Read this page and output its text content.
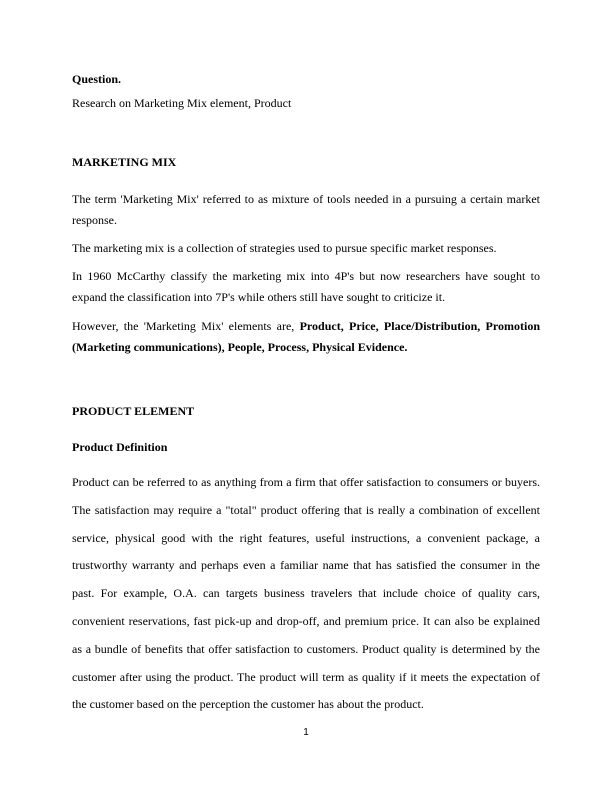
Question.

Research on Marketing Mix element, Product

MARKETING MIX

The term 'Marketing Mix' referred to as mixture of tools needed in a pursuing a certain market response.

The marketing mix is a collection of strategies used to pursue specific market responses.

In 1960 McCarthy classify the marketing mix into 4P's but now researchers have sought to expand the classification into 7P's while others still have sought to criticize it.

However, the 'Marketing Mix' elements are, Product, Price, Place/Distribution, Promotion (Marketing communications), People, Process, Physical Evidence.

PRODUCT ELEMENT

Product Definition

Product can be referred to as anything from a firm that offer satisfaction to consumers or buyers. The satisfaction may require a "total" product offering that is really a combination of excellent service, physical good with the right features, useful instructions, a convenient package, a trustworthy warranty and perhaps even a familiar name that has satisfied the consumer in the past. For example, O.A. can targets business travelers that include choice of quality cars, convenient reservations, fast pick-up and drop-off, and premium price. It can also be explained as a bundle of benefits that offer satisfaction to customers. Product quality is determined by the customer after using the product. The product will term as quality if it meets the expectation of the customer based on the perception the customer has about the product.

1
